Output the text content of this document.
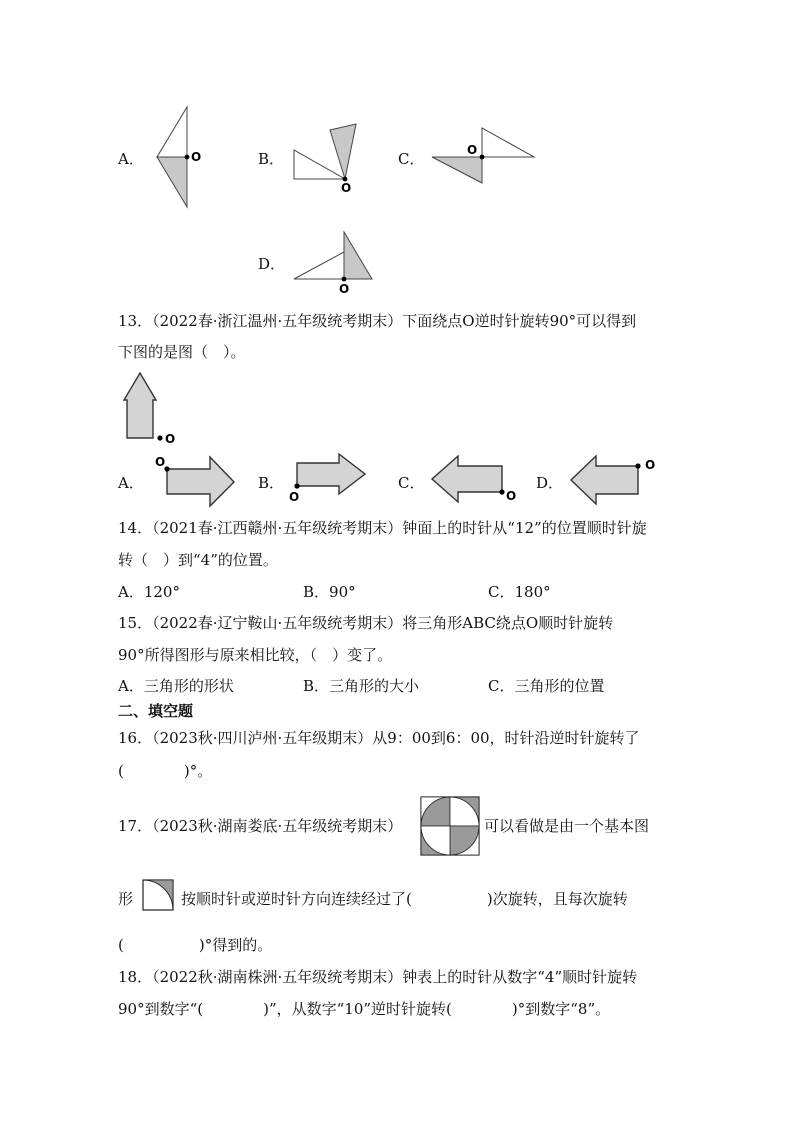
A．	O	B．
O
C．	O
D．
O
13．（2022春·浙江温州·五年级统考期末）下面绕点O逆时针旋转90°可以得到
下图的是图（　）。
O
A．
O
B．
O
C．
O
D．
O
14．（2021春·江西赣州·五年级统考期末）钟面上的时针从“12”的位置顺时针旋
转（　）到“4”的位置。
A．120°	B．90°	C．180°
15．（2022春·辽宁鞍山·五年级统考期末）将三角形ABC绕点O顺时针旋转
90°所得图形与原来相比较，（　）变了。
A．三角形的形状	B．三角形的大小	C．三角形的位置
二、填空题
16．（2023秋·四川泸州·五年级期末）从9：00到6：00，时针沿逆时针旋转了
(　　　　)°。
17．（2023秋·湖南娄底·五年级统考期末）	可以看做是由一个基本图
形	按顺时针或逆时针方向连续经过了(　　　　　)次旋转，且每次旋转
(　　　　　)°得到的。
18．（2022秋·湖南株洲·五年级统考期末）钟表上的时针从数字“4”顺时针旋转
90°到数字“(　　　　)”，从数字“10”逆时针旋转(　　　　)°到数字“8”。
